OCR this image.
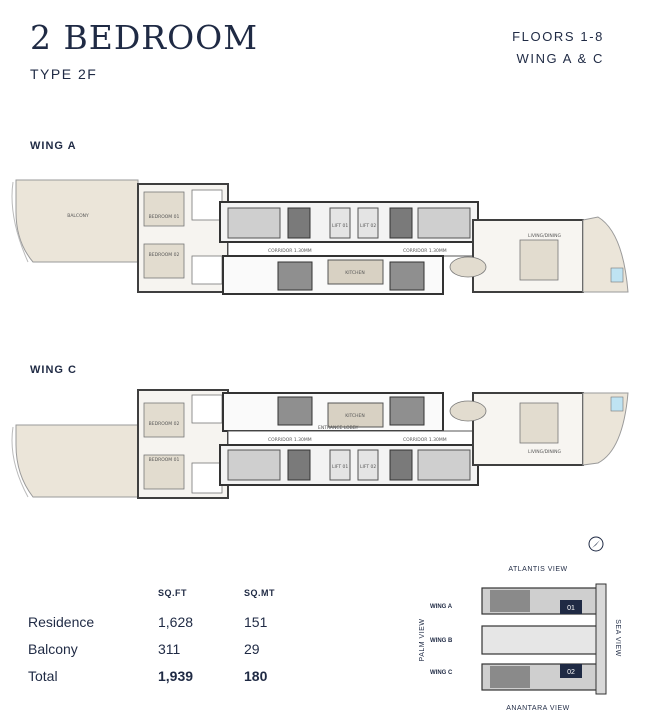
2 BEDROOM
TYPE 2F
FLOORS 1-8
WING A & C
WING A
BALCONY	BEDROOM 01
BEDROOM 02
CORRIDOR 1.30MM	CORRIDOR 1.30MM
LIFT 01	LIFT 02
KITCHEN
LIVING/DINING
WING C
BEDROOM 02
BEDROOM 01
KITCHEN
CORRIDOR 1.30MM	CORRIDOR 1.30MM
ENTRANCE LOBBY
LIFT 01	LIFT 02
LIVING/DINING
	SQ.FT	SQ.MT
Residence	1,628	151
Balcony	311	29
Total	1,939	180
ATLANTIS VIEW
ANANTARA VIEW
PALM VIEW	SEA VIEW
WING A
WING B
WING C
01
02
